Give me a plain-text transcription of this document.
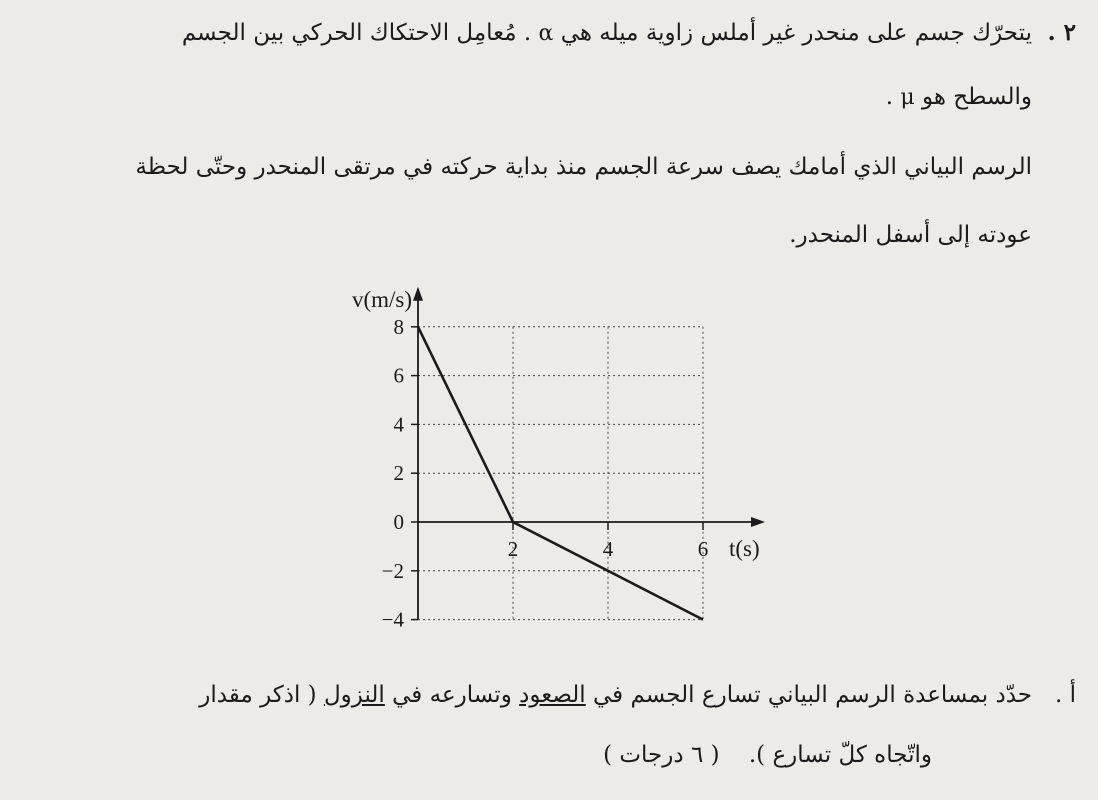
٢ .
يتحرّك جسم على منحدر غير أملس زاوية ميله هي α . مُعامِل الاحتكاك الحركي بين الجسم
والسطح هو μ .
الرسم البياني الذي أمامك يصف سرعة الجسم منذ بداية حركته في مرتقى المنحدر وحتّى لحظة
عودته إلى أسفل المنحدر.
8
6
4
2
0
−2
−4
2	4	6
v(m/s)
t(s)
أ .
حدّد بمساعدة الرسم البياني تسارع الجسم في الصعود وتسارعه في النزول ( اذكر مقدار
واتّجاه كلّ تسارع ).    ( ٦ درجات )
